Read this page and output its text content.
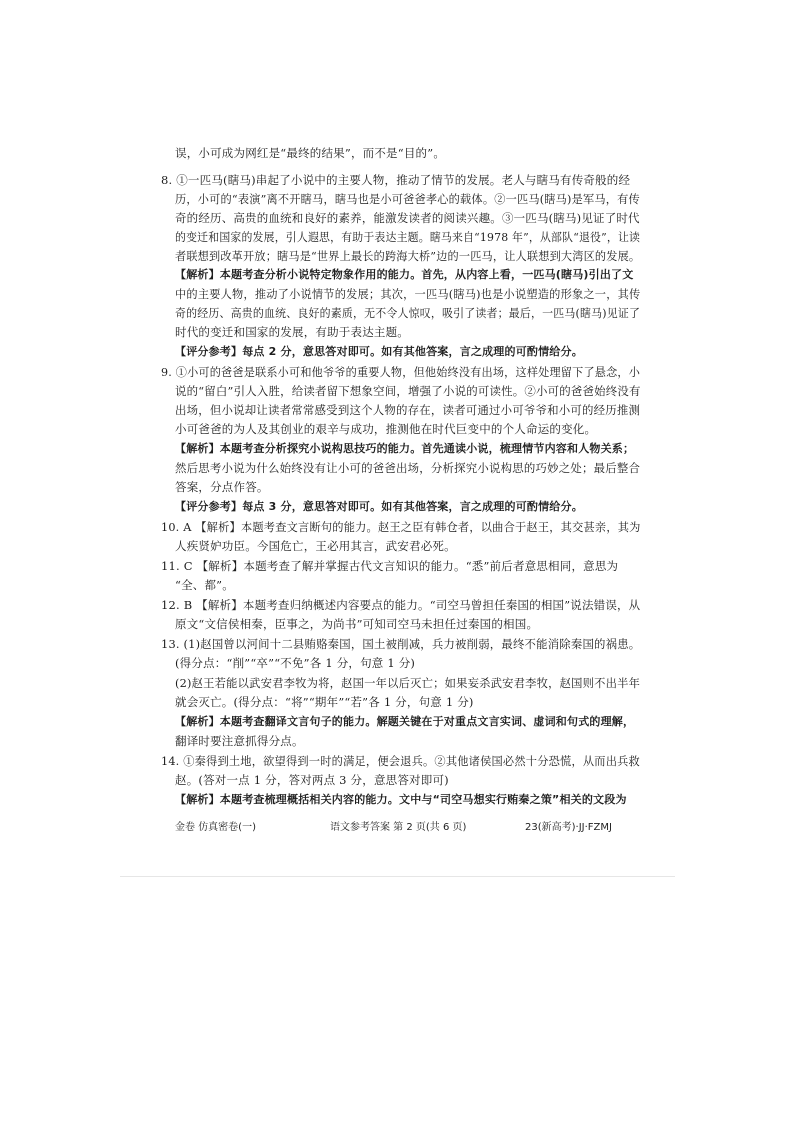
误，小可成为网红是“最终的结果”，而不是“目的”。
8. ①一匹马(瞎马)串起了小说中的主要人物，推动了情节的发展。老人与瞎马有传奇般的经
历，小可的“表演”离不开瞎马，瞎马也是小可爸爸孝心的载体。②一匹马(瞎马)是军马，有传
奇的经历、高贵的血统和良好的素养，能激发读者的阅读兴趣。③一匹马(瞎马)见证了时代
的变迁和国家的发展，引人遐思，有助于表达主题。瞎马来自“1978 年”，从部队“退役”，让读
者联想到改革开放；瞎马是“世界上最长的跨海大桥”边的一匹马，让人联想到大湾区的发展。
【解析】本题考查分析小说特定物象作用的能力。首先，从内容上看，一匹马(瞎马)引出了文
中的主要人物，推动了小说情节的发展；其次，一匹马(瞎马)也是小说塑造的形象之一，其传
奇的经历、高贵的血统、良好的素质，无不令人惊叹，吸引了读者；最后，一匹马(瞎马)见证了
时代的变迁和国家的发展，有助于表达主题。
【评分参考】每点 2 分，意思答对即可。如有其他答案，言之成理的可酌情给分。
9. ①小可的爸爸是联系小可和他爷爷的重要人物，但他始终没有出场，这样处理留下了悬念，小
说的“留白”引人入胜，给读者留下想象空间，增强了小说的可读性。②小可的爸爸始终没有
出场，但小说却让读者常常感受到这个人物的存在，读者可通过小可爷爷和小可的经历推测
小可爸爸的为人及其创业的艰辛与成功，推测他在时代巨变中的个人命运的变化。
【解析】本题考查分析探究小说构思技巧的能力。首先通读小说，梳理情节内容和人物关系；
然后思考小说为什么始终没有让小可的爸爸出场，分析探究小说构思的巧妙之处；最后整合
答案，分点作答。
【评分参考】每点 3 分，意思答对即可。如有其他答案，言之成理的可酌情给分。
10. A 【解析】本题考查文言断句的能力。赵王之臣有韩仓者，以曲合于赵王，其交甚亲，其为
人疾贤妒功臣。今国危亡，王必用其言，武安君必死。
11. C 【解析】本题考查了解并掌握古代文言知识的能力。“悉”前后者意思相同，意思为
“全、都”。
12. B 【解析】本题考查归纳概述内容要点的能力。“司空马曾担任秦国的相国”说法错误，从
原文“文信侯相秦，臣事之，为尚书”可知司空马未担任过秦国的相国。
13. (1)赵国曾以河间十二县贿赂秦国，国土被削减，兵力被削弱，最终不能消除秦国的祸患。
(得分点：“削”“卒”“不免”各 1 分，句意 1 分)
(2)赵王若能以武安君李牧为将，赵国一年以后灭亡；如果妄杀武安君李牧，赵国则不出半年
就会灭亡。(得分点：“将”“期年”“若”各 1 分，句意 1 分)
【解析】本题考查翻译文言句子的能力。解题关键在于对重点文言实词、虚词和句式的理解，
翻译时要注意抓得分点。
14. ①秦得到土地，欲望得到一时的满足，便会退兵。②其他诸侯国必然十分恐慌，从而出兵救
赵。(答对一点 1 分，答对两点 3 分，意思答对即可)
【解析】本题考查梳理概括相关内容的能力。文中与“司空马想实行贿秦之策”相关的文段为
金卷 仿真密卷(一)	语文参考答案 第 2 页(共 6 页)	23(新高考)·JJ·FZMJ
